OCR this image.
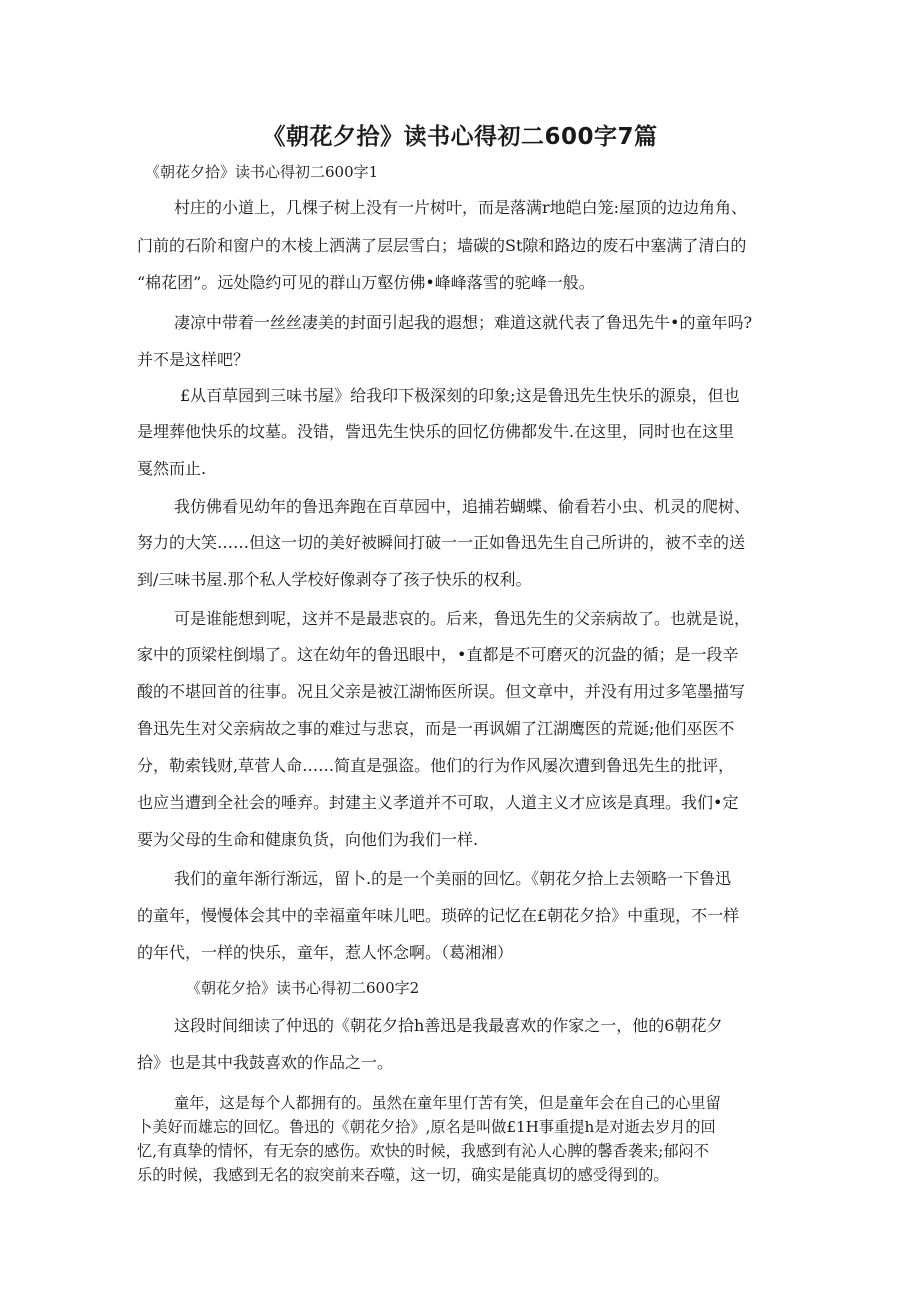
《朝花夕拾》读书心得初二600字7篇
《朝花夕拾》读书心得初二600字1
村庄的小道上，几棵子树上没有一片树叶，而是落满r地皑白笼:屋顶的边边角角、
门前的石阶和窗户的木棱上洒满了层层雪白；墙碳的St隙和路边的废石中塞满了清白的
“棉花团”。远处隐约可见的群山万壑仿佛•峰峰落雪的驼峰一般。
凄凉中带着一丝丝凄美的封面引起我的遐想；难道这就代表了鲁迅先牛•的童年吗?
并不是这样吧？
£从百草园到三味书屋》给我印下极深刻的印象;这是鲁迅先生快乐的源泉，但也
是埋葬他快乐的坟墓。没错，訾迅先生快乐的回忆仿佛都发牛.在这里，同时也在这里
戛然而止.
我仿佛看见幼年的鲁迅奔跑在百草园中，追捕若蝴蝶、偷看若小虫、机灵的爬树、
努力的大笑……但这一切的美好被瞬间打破一一正如鲁迅先生自己所讲的，被不幸的送
到/三味书屋.那个私人学校好像剥夺了孩子快乐的权利。
可是谁能想到呢，这并不是最悲哀的。后来，鲁迅先生的父亲病故了。也就是说，
家中的顶梁柱倒塌了。这在幼年的鲁迅眼中，•直都是不可磨灭的沉盎的循；是一段辛
酸的不堪回首的往事。况且父亲是被江湖怖医所误。但文章中，并没有用过多笔墨描写
鲁迅先生对父亲病故之事的难过与悲哀，而是一再讽媚了江湖鹰医的荒诞;他们巫医不
分，勒索钱财,草菅人命……简直是强盗。他们的行为作风屡次遭到鲁迅先生的批评，
也应当遭到全社会的唾弃。封建主义孝道并不可取，人道主义才应该是真理。我们•定
要为父母的生命和健康负货，向他们为我们一样.
我们的童年渐行渐远，留卜.的是一个美丽的回忆。《朝花夕拾上去领略一下鲁迅
的童年，慢慢体会其中的幸福童年味儿吧。琐碎的记忆在£朝花夕拾》中重现，不一样
的年代，一样的快乐，童年，惹人怀念啊。（葛湘湘）
《朝花夕拾》读书心得初二600字2
这段时间细读了仲迅的《朝花夕拾h善迅是我最喜欢的作家之一，他的6朝花夕
拾》也是其中我鼓喜欢的作品之一。
童年，这是每个人都拥有的。虽然在童年里仃苦有笑，但是童年会在自己的心里留
卜美好而雄忘的回忆。鲁迅的《朝花夕拾》,原名是叫做£1H事重提h是对逝去岁月的回
忆,有真挚的情怀，有无奈的感伤。欢快的时候，我感到有沁人心脾的馨香袭来;郁闷不
乐的时候，我感到无名的寂突前来吞噬，这一切，确实是能真切的感受得到的。
